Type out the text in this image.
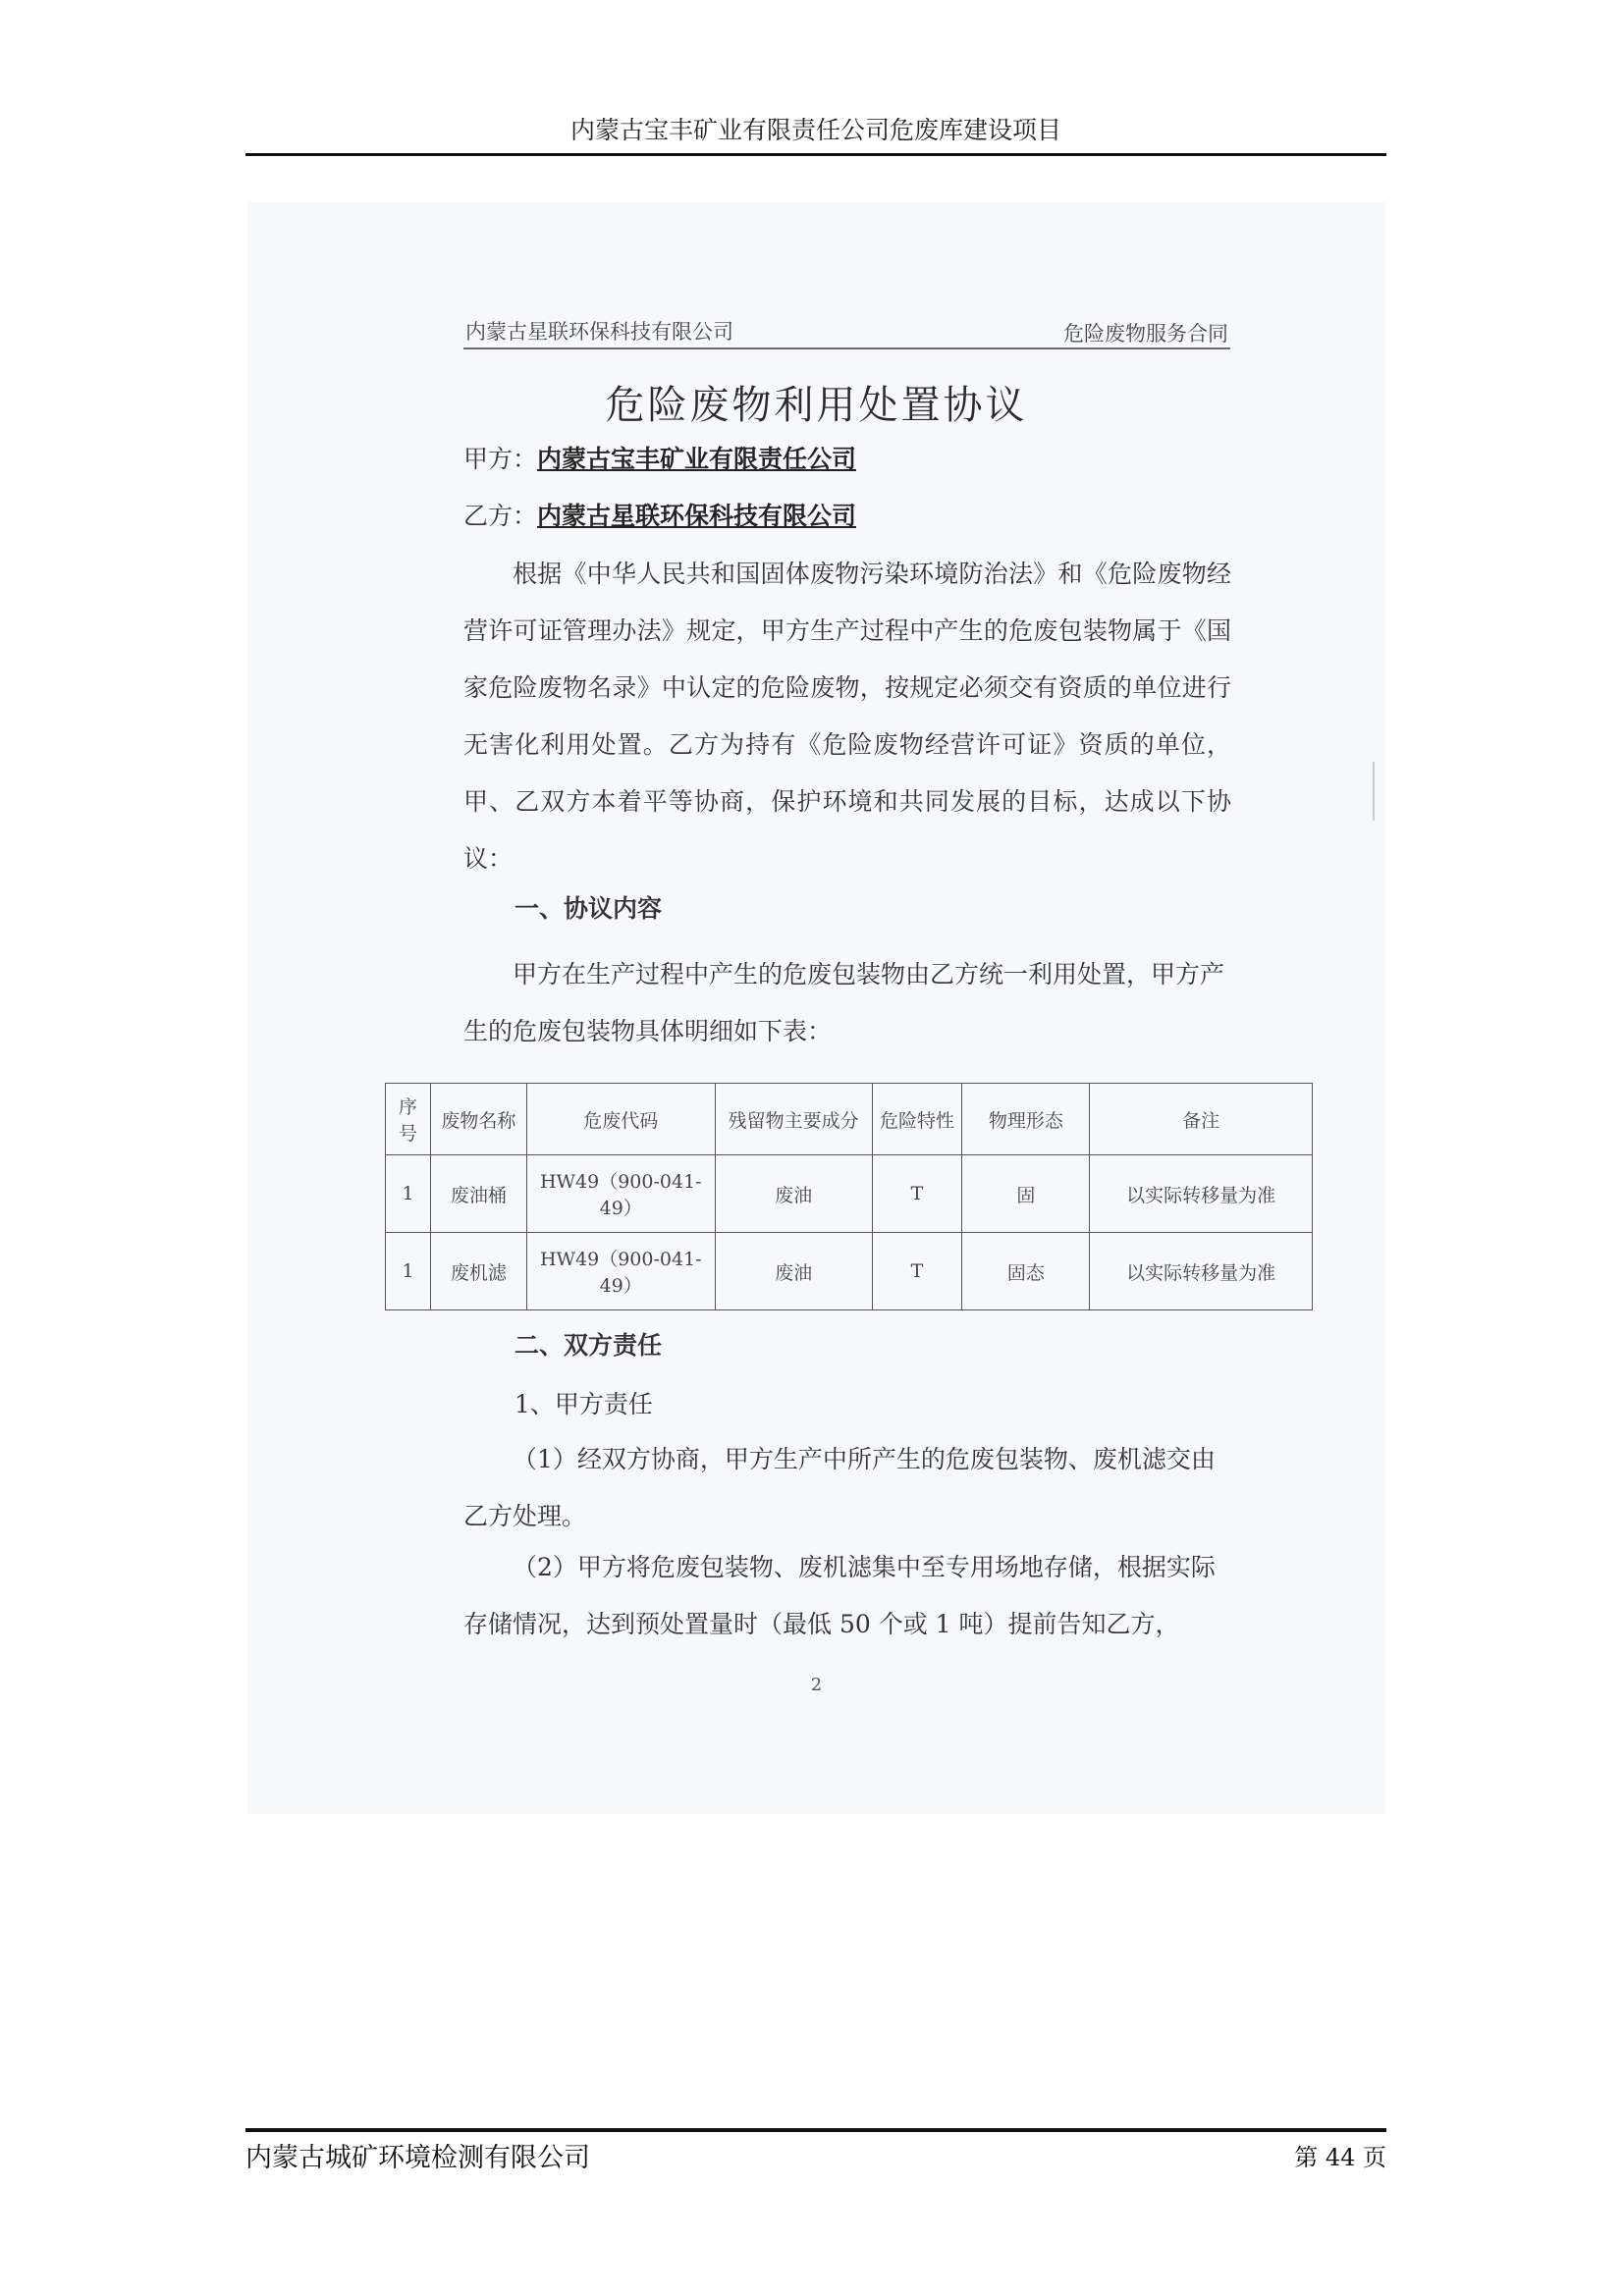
内蒙古宝丰矿业有限责任公司危废库建设项目
内蒙古星联环保科技有限公司	危险废物服务合同
危险废物利用处置协议
甲方：内蒙古宝丰矿业有限责任公司
乙方：内蒙古星联环保科技有限公司

根据《中华人民共和国固体废物污染环境防治法》和《危险废物经营许可证管理办法》规定，甲方生产过程中产生的危废包装物属于《国家危险废物名录》中认定的危险废物，按规定必须交有资质的单位进行无害化利用处置。乙方为持有《危险废物经营许可证》资质的单位，甲、乙双方本着平等协商，保护环境和共同发展的目标，达成以下协议：

一、协议内容

甲方在生产过程中产生的危废包装物由乙方统一利用处置，甲方产生的危废包装物具体明细如下表：

序号	废物名称	危废代码	残留物主要成分	危险特性	物理形态	备注
1	废油桶	HW49（900-041-49）	废油	T	固	以实际转移量为准
1	废机滤	HW49（900-041-49）	废油	T	固态	以实际转移量为准
二、双方责任
1、甲方责任

（1）经双方协商，甲方生产中所产生的危废包装物、废机滤交由乙方处理。

（2）甲方将危废包装物、废机滤集中至专用场地存储，根据实际存储情况，达到预处置量时（最低 50 个或 1 吨）提前告知乙方，

2
内蒙古城矿环境检测有限公司	第 44 页
